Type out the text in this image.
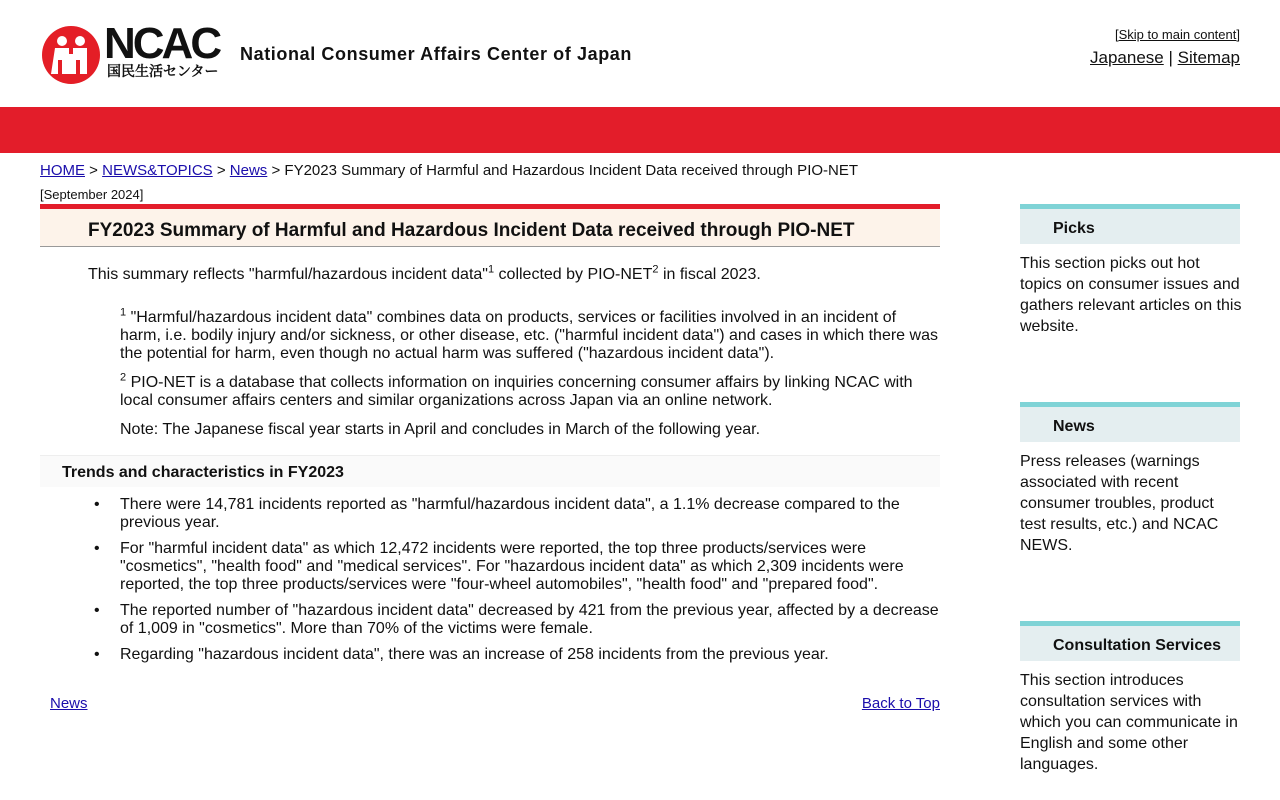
NCAC
国民生活センター
National Consumer Affairs Center of Japan
[Skip to main content]
Japanese | Sitemap
HOME > NEWS&TOPICS > News > FY2023 Summary of Harmful and Hazardous Incident Data received through PIO-NET
[September 2024]
FY2023 Summary of Harmful and Hazardous Incident Data received through PIO-NET

This summary reflects "harmful/hazardous incident data"$^1$ collected by PIO-NET$^2$ in fiscal 2023.

$^1$ "Harmful/hazardous incident data" combines data on products, services or facilities involved in an incident of harm, i.e. bodily injury and/or sickness, or other disease, etc. ("harmful incident data") and cases in which there was the potential for harm, even though no actual harm was suffered ("hazardous incident data").

$^2$ PIO-NET is a database that collects information on inquiries concerning consumer affairs by linking NCAC with local consumer affairs centers and similar organizations across Japan via an online network.

Note: The Japanese fiscal year starts in April and concludes in March of the following year.

Trends and characteristics in FY2023
• There were 14,781 incidents reported as "harmful/hazardous incident data", a 1.1% decrease compared to the previous year.
• For "harmful incident data" as which 12,472 incidents were reported, the top three products/services were "cosmetics", "health food" and "medical services". For "hazardous incident data" as which 2,309 incidents were reported, the top three products/services were "four-wheel automobiles", "health food" and "prepared food".
• The reported number of "hazardous incident data" decreased by 421 from the previous year, affected by a decrease of 1,009 in "cosmetics". More than 70% of the victims were female.
• Regarding "hazardous incident data", there was an increase of 258 incidents from the previous year.
News	Back to Top
Picks

This section picks out hot topics on consumer issues and gathers relevant articles on this website.

News

Press releases (warnings associated with recent consumer troubles, product test results, etc.) and NCAC NEWS.

Consultation Services

This section introduces consultation services with which you can communicate in English and some other languages.
